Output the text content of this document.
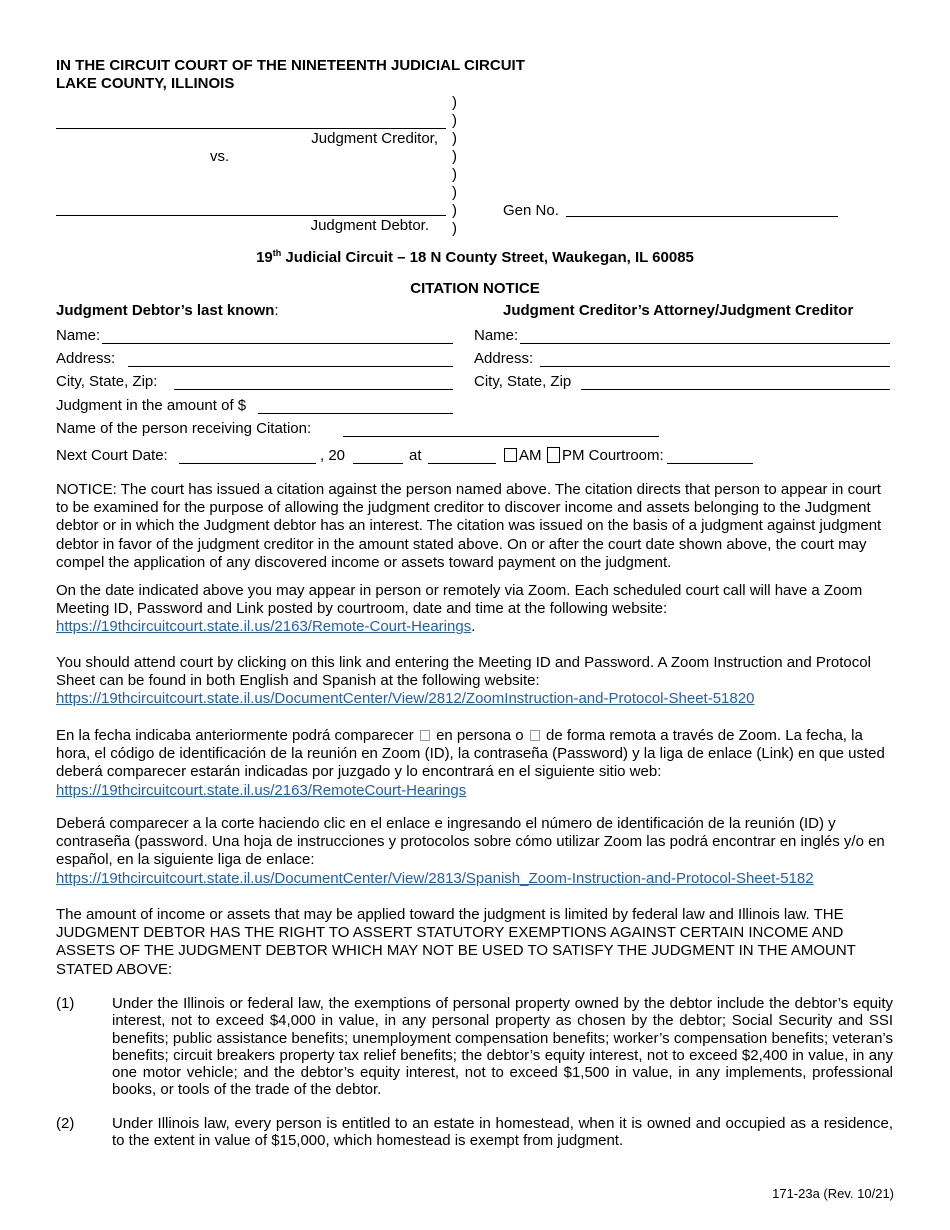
IN THE CIRCUIT COURT OF THE NINETEENTH JUDICIAL CIRCUIT
LAKE COUNTY, ILLINOIS
Judgment Creditor,
vs.
Judgment Debtor.
)
)
)
)
)
)
)
)
Gen No.
19th Judicial Circuit – 18 N County Street, Waukegan, IL 60085
CITATION NOTICE
Judgment Debtor’s last known:
Name:
Address:
City, State, Zip:
Judgment in the amount of $
Judgment Creditor’s Attorney/Judgment Creditor
Name:
Address:
City, State, Zip
Name of the person receiving Citation:
Next Court Date:	, 20	at	AM	PM Courtroom:

NOTICE: The court has issued a citation against the person named above. The citation directs that person to appear in court to be examined for the purpose of allowing the judgment creditor to discover income and assets belonging to the Judgment debtor or in which the Judgment debtor has an interest. The citation was issued on the basis of a judgment against judgment debtor in favor of the judgment creditor in the amount stated above. On or after the court date shown above, the court may compel the application of any discovered income or assets toward payment on the judgment.

On the date indicated above you may appear in person or remotely via Zoom. Each scheduled court call will have a Zoom Meeting ID, Password and Link posted by courtroom, date and time at the following website:
https://19thcircuitcourt.state.il.us/2163/Remote-Court-Hearings.

You should attend court by clicking on this link and entering the Meeting ID and Password. A Zoom Instruction and Protocol Sheet can be found in both English and Spanish at the following website:
https://19thcircuitcourt.state.il.us/DocumentCenter/View/2812/ZoomInstruction-and-Protocol-Sheet-51820

En la fecha indicaba anteriormente podrá comparecer en persona o de forma remota a través de Zoom. La fecha, la hora, el código de identificación de la reunión en Zoom (ID), la contraseña (Password) y la liga de enlace (Link) en que usted deberá comparecer estarán indicadas por juzgado y lo encontrará en el siguiente sitio web:
https://19thcircuitcourt.state.il.us/2163/RemoteCourt-Hearings

Deberá comparecer a la corte haciendo clic en el enlace e ingresando el número de identificación de la reunión (ID) y contraseña (password. Una hoja de instrucciones y protocolos sobre cómo utilizar Zoom las podrá encontrar en inglés y/o en español, en la siguiente liga de enlace:
https://19thcircuitcourt.state.il.us/DocumentCenter/View/2813/Spanish_Zoom-Instruction-and-Protocol-Sheet-5182

The amount of income or assets that may be applied toward the judgment is limited by federal law and Illinois law. THE JUDGMENT DEBTOR HAS THE RIGHT TO ASSERT STATUTORY EXEMPTIONS AGAINST CERTAIN INCOME AND ASSETS OF THE JUDGMENT DEBTOR WHICH MAY NOT BE USED TO SATISFY THE JUDGMENT IN THE AMOUNT STATED ABOVE:

(1)	Under the Illinois or federal law, the exemptions of personal property owned by the debtor include the debtor’s equity interest, not to exceed $4,000 in value, in any personal property as chosen by the debtor; Social Security and SSI benefits; public assistance benefits; unemployment compensation benefits; worker’s compensation benefits; veteran’s benefits; circuit breakers property tax relief benefits; the debtor’s equity interest, not to exceed $2,400 in value, in any one motor vehicle; and the debtor’s equity interest, not to exceed $1,500 in value, in any implements, professional books, or tools of the trade of the debtor.

(2)	Under Illinois law, every person is entitled to an estate in homestead, when it is owned and occupied as a residence, to the extent in value of $15,000, which homestead is exempt from judgment.

171-23a (Rev. 10/21)
